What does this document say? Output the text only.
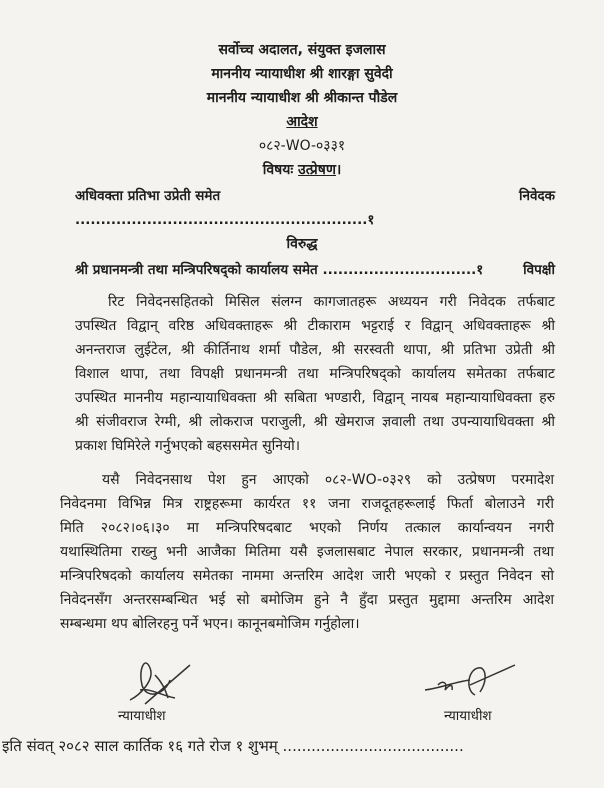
सर्वोच्च अदालत, संयुक्त इजलास
माननीय न्यायाधीश श्री शारङ्गा सुवेदी
माननीय न्यायाधीश श्री श्रीकान्त पौडेल
आदेश
०८२-WO-०३३१
विषयः उत्प्रेषण।
अधिवक्ता प्रतिभा उप्रेती समेत .........................................................१
निवेदक
विरुद्ध
श्री प्रधानमन्त्री तथा मन्त्रिपरिषद्को कार्यालय समेत ..............................१	विपक्षी
रिट निवेदनसहितको मिसिल संलग्न कागजातहरू अध्ययन गरी निवेदक तर्फबाट
उपस्थित विद्वान् वरिष्ठ अधिवक्ताहरू श्री टीकाराम भट्टराई र विद्वान् अधिवक्ताहरू श्री
अनन्तराज लुईटेल, श्री कीर्तिनाथ शर्मा पौडेल, श्री सरस्वती थापा, श्री प्रतिभा उप्रेती श्री
विशाल थापा, तथा विपक्षी प्रधानमन्त्री तथा मन्त्रिपरिषद्को कार्यालय समेतका तर्फबाट
उपस्थित माननीय महान्यायाधिवक्ता श्री सबिता भण्डारी, विद्वान् नायब महान्यायाधिवक्ता हरु
श्री संजीवराज रेग्मी, श्री लोकराज पराजुली, श्री खेमराज ज्ञवाली तथा उपन्यायाधिवक्ता श्री
प्रकाश घिमिरेले गर्नुभएको बहससमेत सुनियो।
यसै निवेदनसाथ पेश हुन आएको ०८२-WO-०३२९ को उत्प्रेषण परमादेश
निवेदनमा विभिन्न मित्र राष्ट्रहरूमा कार्यरत ११ जना राजदूतहरूलाई फिर्ता बोलाउने गरी
मिति २०८२।०६।३० मा मन्त्रिपरिषदबाट भएको निर्णय तत्काल कार्यान्वयन नगरी
यथास्थितिमा राख्नु भनी आजैका मितिमा यसै इजलासबाट नेपाल सरकार, प्रधानमन्त्री तथा
मन्त्रिपरिषदको कार्यालय समेतका नाममा अन्तरिम आदेश जारी भएको र प्रस्तुत निवेदन सो
निवेदनसँग अन्तरसम्बन्धित भई सो बमोजिम हुने नै हुँदा प्रस्तुत मुद्दामा अन्तरिम आदेश
सम्बन्धमा थप बोलिरहनु पर्ने भएन। कानूनबमोजिम गर्नुहोला।
न्यायाधीश	न्यायाधीश
इति संवत् २०८२ साल कार्तिक १६ गते रोज १ शुभम् ......................................
